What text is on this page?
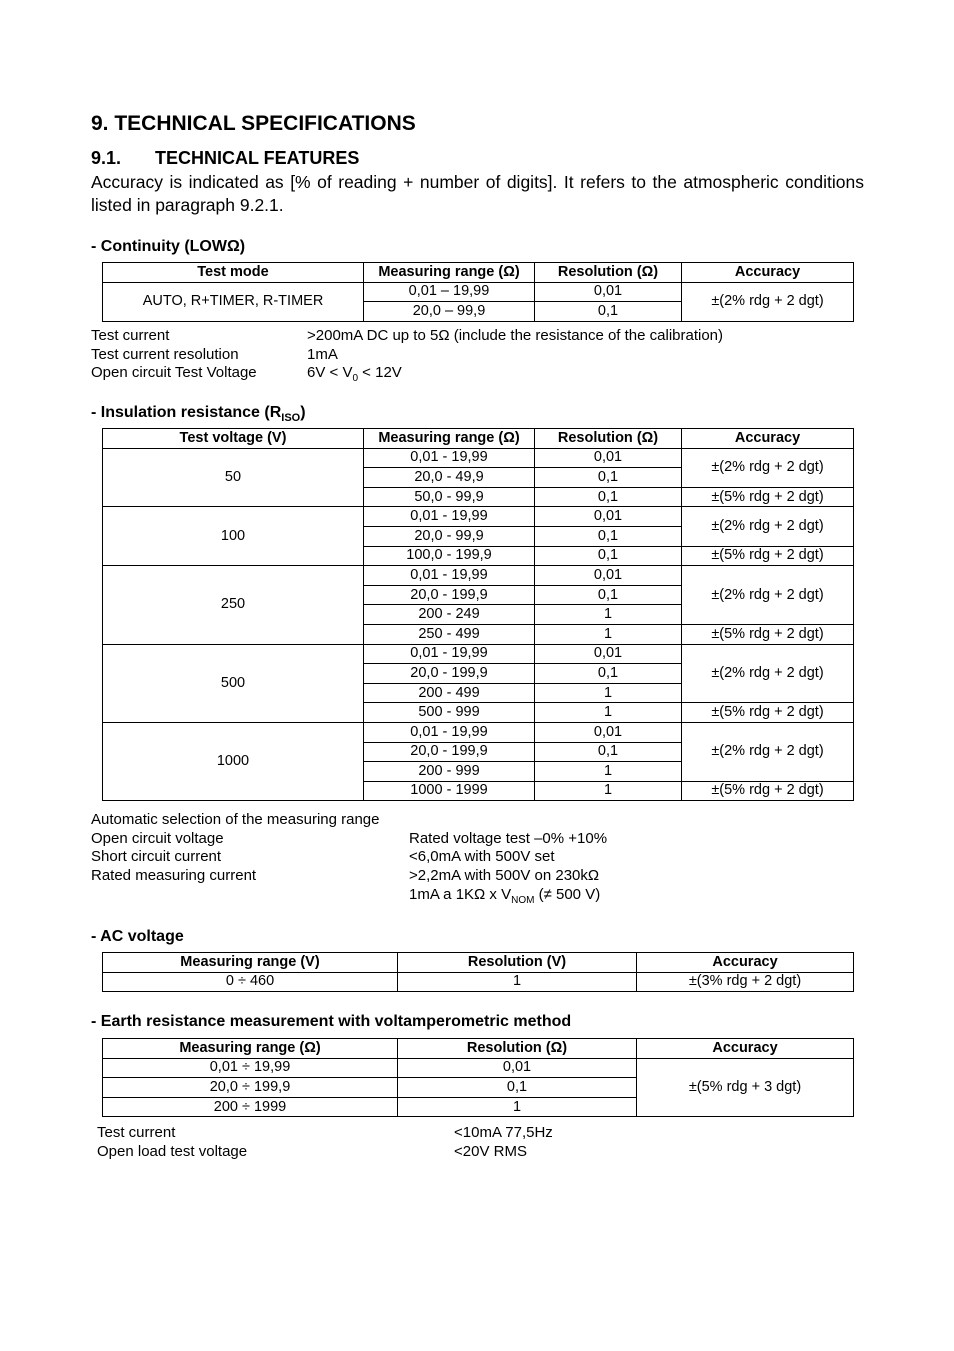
9. TECHNICAL SPECIFICATIONS
9.1. TECHNICAL FEATURES
Accuracy is indicated as [% of reading + number of digits]. It refers to the atmospheric conditions listed in paragraph 9.2.1.
- Continuity (LOWΩ)
Test mode	Measuring range (Ω)	Resolution (Ω)	Accuracy
AUTO, R+TIMER, R-TIMER	0,01 – 19,99	0,01	±(2% rdg + 2 dgt)
	20,0 – 99,9	0,1	
Test current	>200mA DC up to 5Ω (include the resistance of the calibration)
Test current resolution	1mA
Open circuit Test Voltage	$6V < V_0 < 12V$
- Insulation resistance $(R_{ISO})$
Test voltage (V)	Measuring range (Ω)	Resolution (Ω)	Accuracy
50	0,01 - 19,99	0,01	±(2% rdg + 2 dgt)
	20,0 - 49,9	0,1	
	50,0 - 99,9	0,1	±(5% rdg + 2 dgt)
100	0,01 - 19,99	0,01	±(2% rdg + 2 dgt)
	20,0 - 99,9	0,1	
	100,0 - 199,9	0,1	±(5% rdg + 2 dgt)
250	0,01 - 19,99	0,01	±(2% rdg + 2 dgt)
	20,0 - 199,9	0,1	
	200 - 249	1	
	250 - 499	1	±(5% rdg + 2 dgt)
500	0,01 - 19,99	0,01	±(2% rdg + 2 dgt)
	20,0 - 199,9	0,1	
	200 - 499	1	
	500 - 999	1	±(5% rdg + 2 dgt)
1000	0,01 - 19,99	0,01	±(2% rdg + 2 dgt)
	20,0 - 199,9	0,1	
	200 - 999	1	
	1000 - 1999	1	±(5% rdg + 2 dgt)
Automatic selection of the measuring range
Open circuit voltage	Rated voltage test –0% +10%
Short circuit current	<6,0mA with 500V set
Rated measuring current	>2,2mA with 500V on 230kΩ
1mA a 1KΩ x $V_{NOM}$ (≠ 500 V)
- AC voltage
Measuring range (V)	Resolution (V)	Accuracy
0 ÷ 460	1	±(3% rdg + 2 dgt)
- Earth resistance measurement with voltamperometric method
Measuring range (Ω)	Resolution (Ω)	Accuracy
0,01 ÷ 19,99	0,01	±(5% rdg + 3 dgt)
20,0 ÷ 199,9	0,1	
200 ÷ 1999	1	
Test current	<10mA 77,5Hz
Open load test voltage	<20V RMS
